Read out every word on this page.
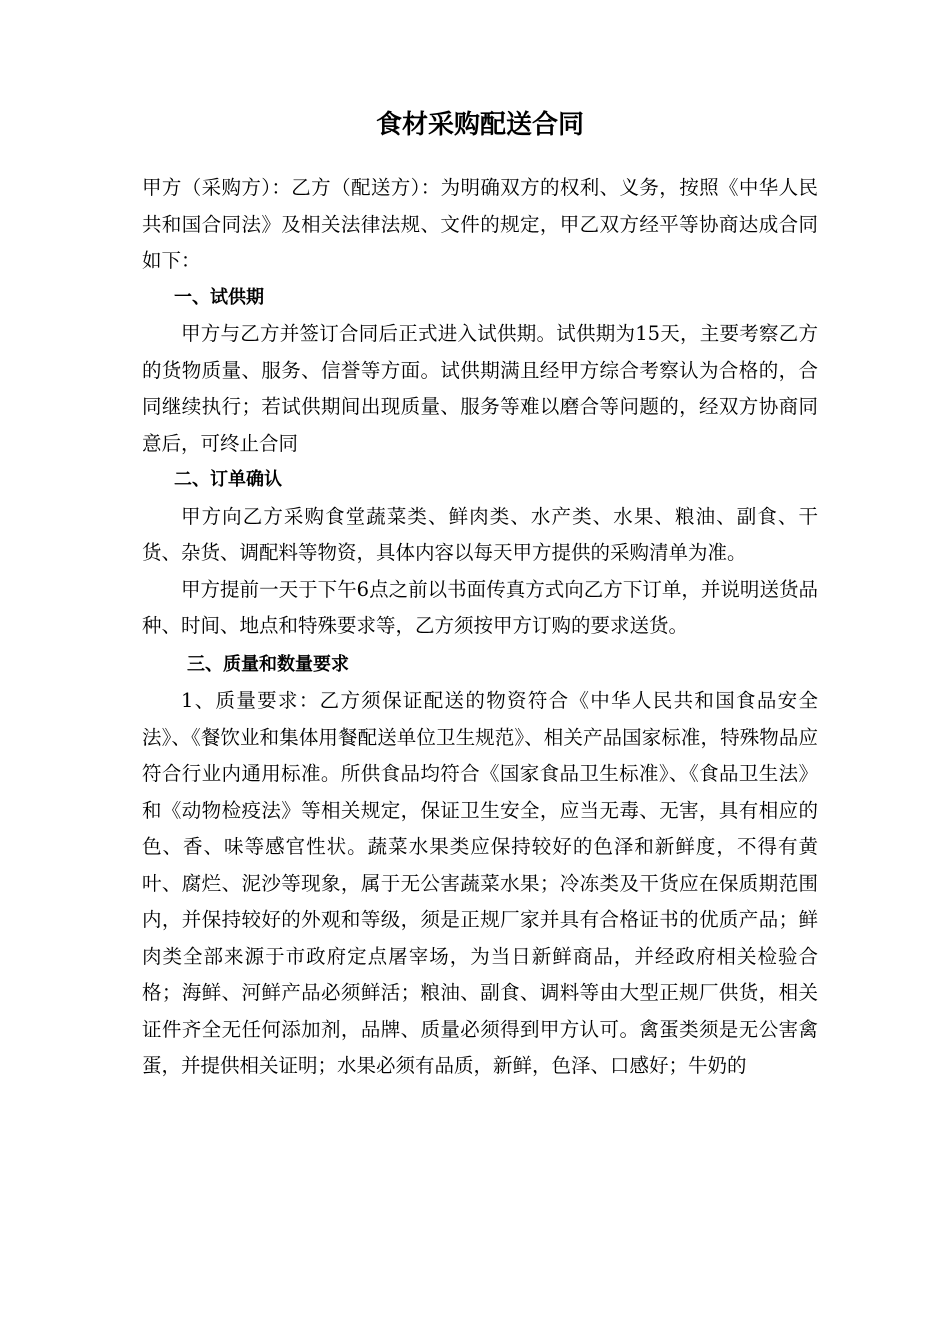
食材采购配送合同

甲方（采购方）：乙方（配送方）：为明确双方的权利、义务，按照《中华人民共和国合同法》及相关法律法规、文件的规定，甲乙双方经平等协商达成合同如下：

一、试供期

甲方与乙方并签订合同后正式进入试供期。试供期为15天，主要考察乙方的货物质量、服务、信誉等方面。试供期满且经甲方综合考察认为合格的，合同继续执行；若试供期间出现质量、服务等难以磨合等问题的，经双方协商同意后，可终止合同

二、订单确认

甲方向乙方采购食堂蔬菜类、鲜肉类、水产类、水果、粮油、副食、干货、杂货、调配料等物资，具体内容以每天甲方提供的采购清单为准。

甲方提前一天于下午6点之前以书面传真方式向乙方下订单，并说明送货品种、时间、地点和特殊要求等，乙方须按甲方订购的要求送货。

三、质量和数量要求

1、质量要求：乙方须保证配送的物资符合《中华人民共和国食品安全法》、《餐饮业和集体用餐配送单位卫生规范》、相关产品国家标准，特殊物品应符合行业内通用标准。所供食品均符合《国家食品卫生标准》、《食品卫生法》和《动物检疫法》等相关规定，保证卫生安全，应当无毒、无害，具有相应的色、香、味等感官性状。蔬菜水果类应保持较好的色泽和新鲜度，不得有黄叶、腐烂、泥沙等现象，属于无公害蔬菜水果；冷冻类及干货应在保质期范围内，并保持较好的外观和等级，须是正规厂家并具有合格证书的优质产品；鲜肉类全部来源于市政府定点屠宰场，为当日新鲜商品，并经政府相关检验合格；海鲜、河鲜产品必须鲜活；粮油、副食、调料等由大型正规厂供货，相关证件齐全无任何添加剂，品牌、质量必须得到甲方认可。禽蛋类须是无公害禽蛋，并提供相关证明；水果必须有品质，新鲜，色泽、口感好；牛奶的
